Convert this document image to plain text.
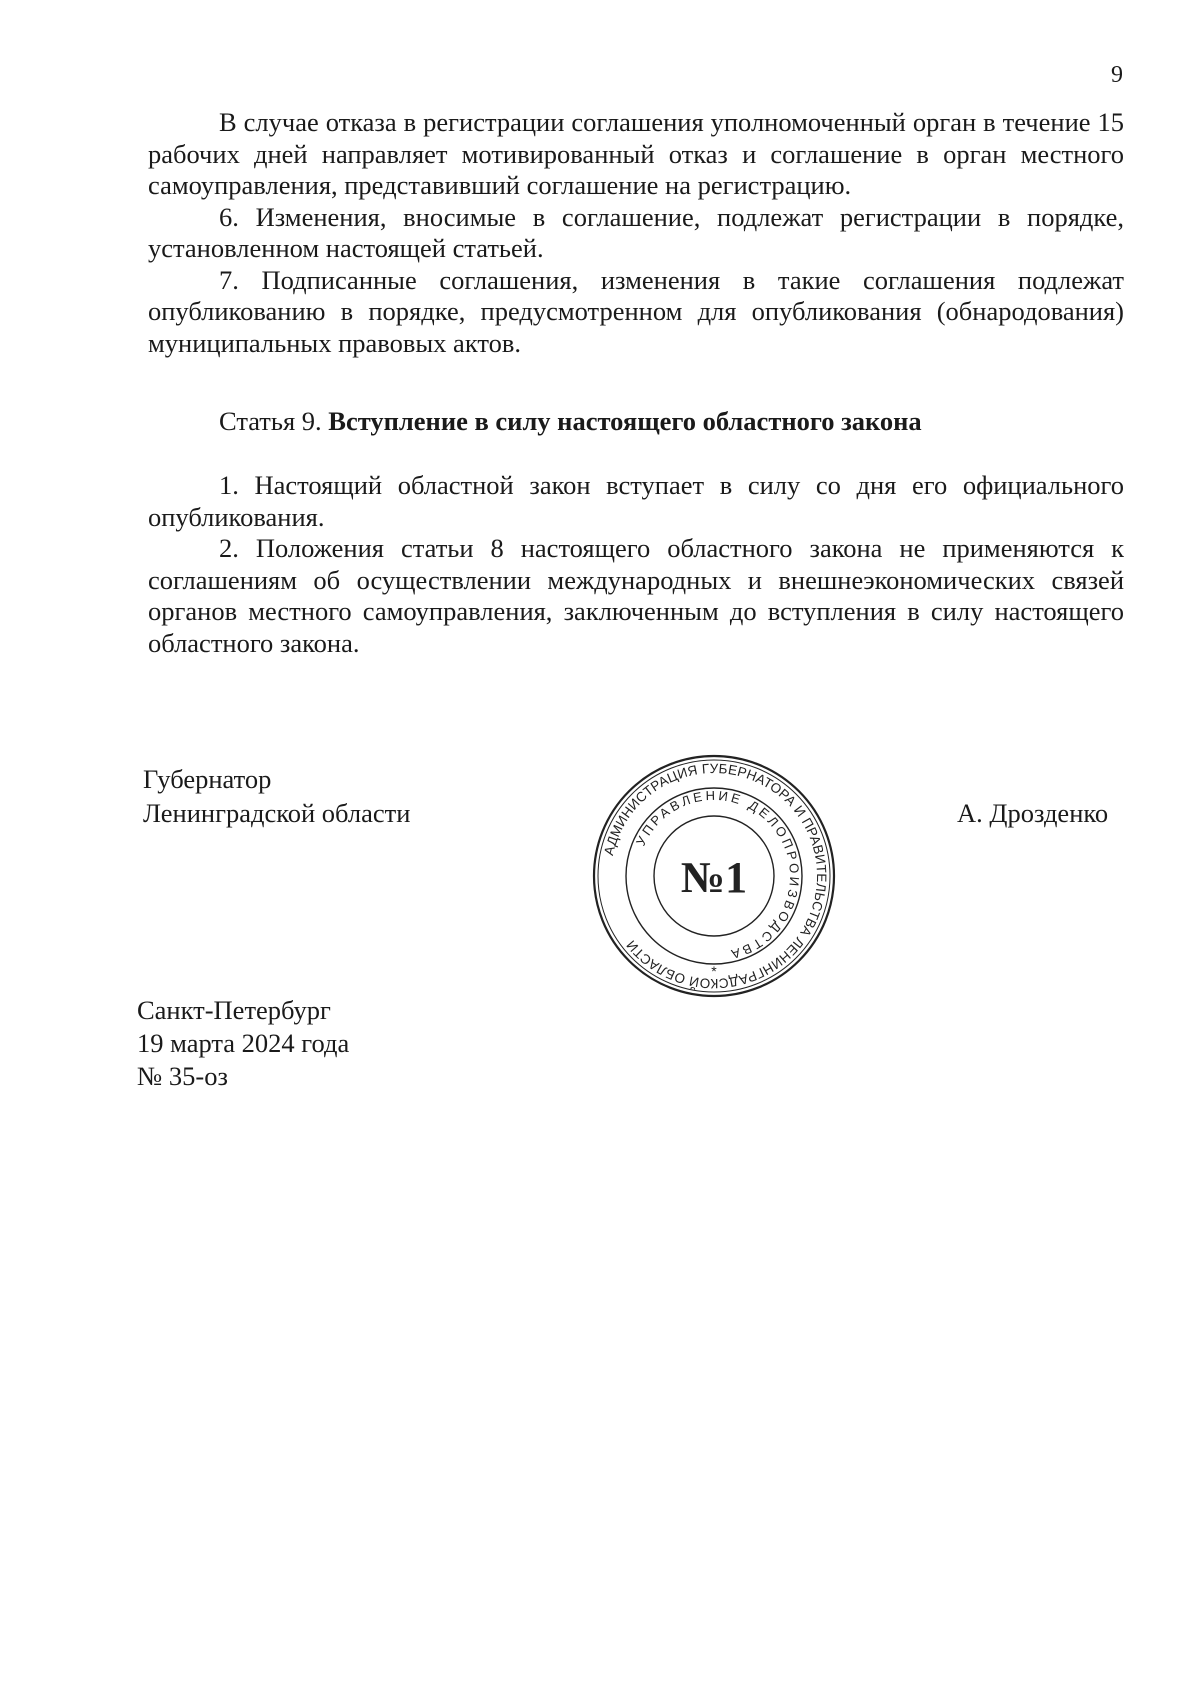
9

В случае отказа в регистрации соглашения уполномоченный орган в течение 15 рабочих дней направляет мотивированный отказ и соглашение в орган местного самоуправления, представивший соглашение на регистрацию.

6. Изменения, вносимые в соглашение, подлежат регистрации в порядке, установленном настоящей статьей.

7. Подписанные соглашения, изменения в такие соглашения подлежат опубликованию в порядке, предусмотренном для опубликования (обнародования) муниципальных правовых актов.

Статья 9. Вступление в силу настоящего областного закона

1. Настоящий областной закон вступает в силу со дня его официального опубликования.

2. Положения статьи 8 настоящего областного закона не применяются к соглашениям об осуществлении международных и внешнеэкономических связей органов местного самоуправления, заключенным до вступления в силу настоящего областного закона.

Губернатор
Ленинградской области
АДМИНИСТРАЦИЯ ГУБЕРНАТОРА И ПРАВИТЕЛЬСТВА ЛЕНИНГРАДСКОЙ ОБЛАСТИ
УПРАВЛЕНИЕ ДЕЛОПРОИЗВОДСТВА
№1
*
А. Дрозденко
Санкт-Петербург
19 марта 2024 года
№ 35-оз
